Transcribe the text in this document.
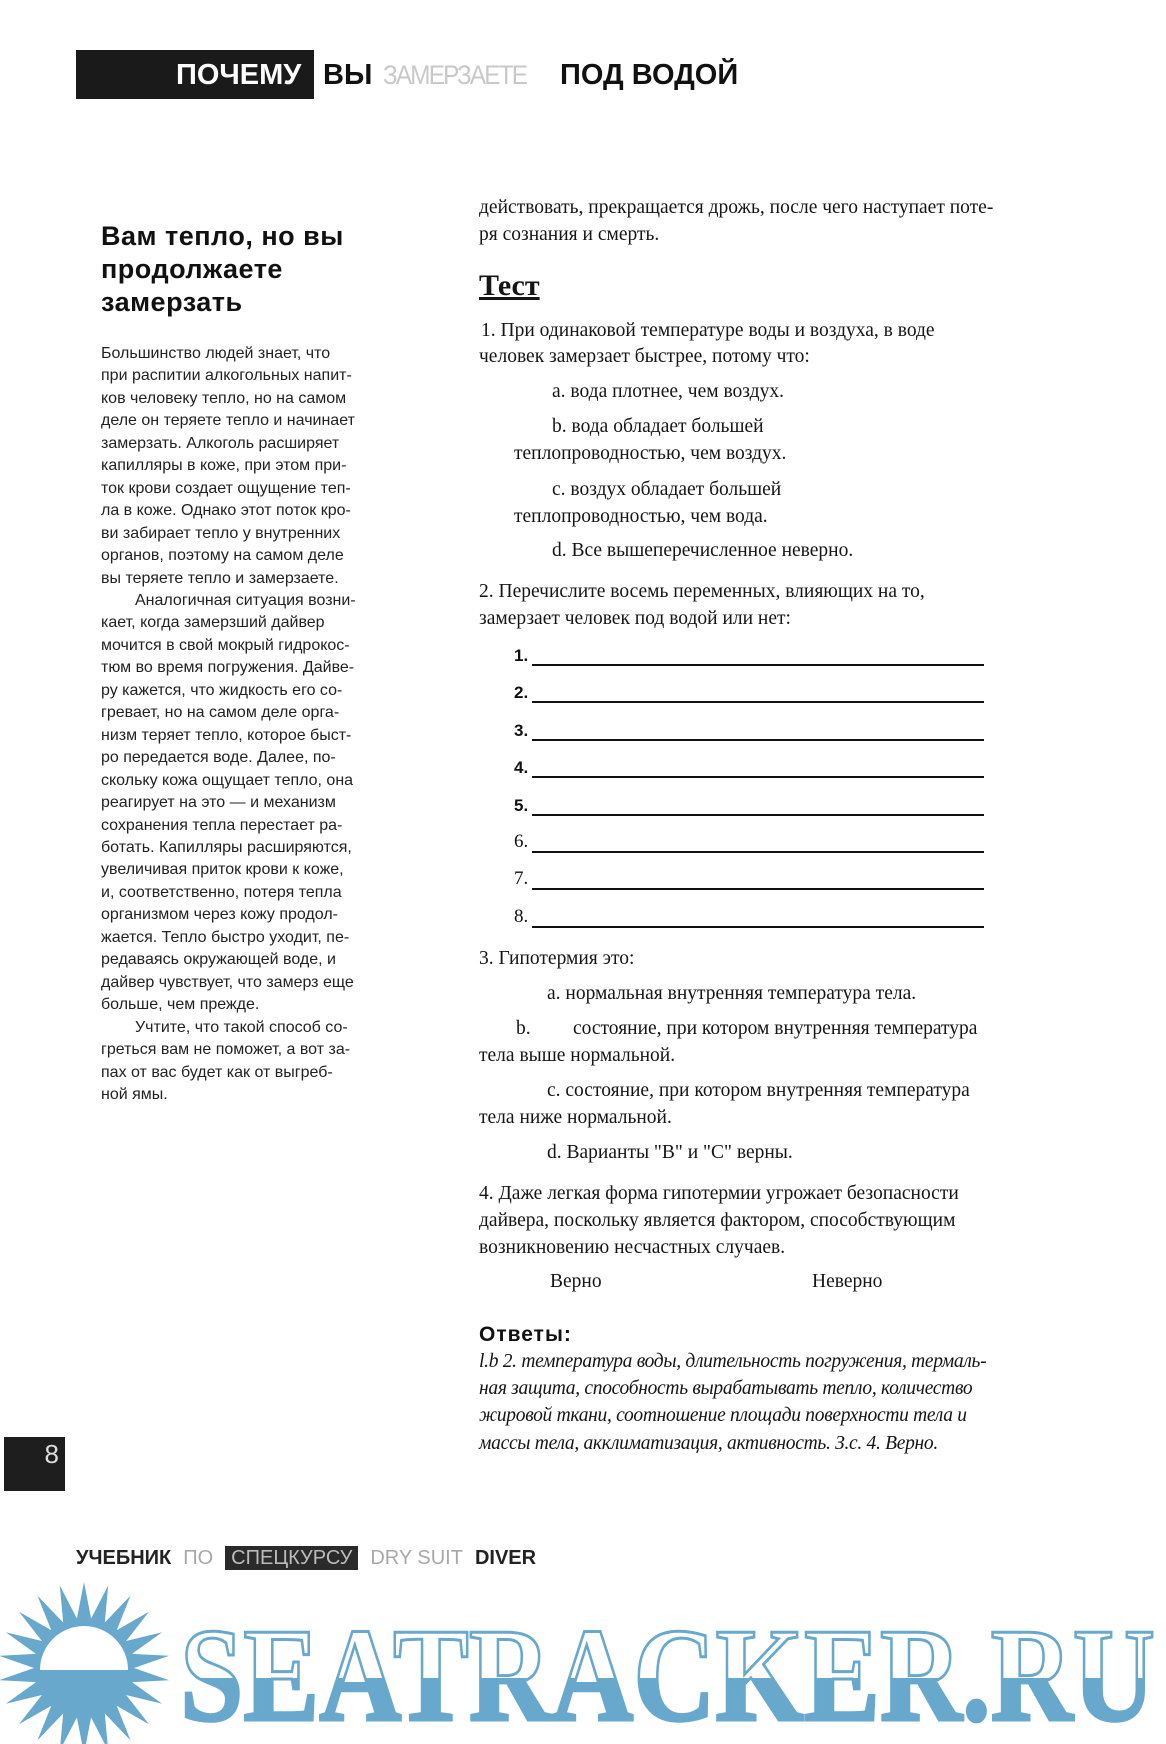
ПОЧЕМУ ВЫ ЗАМЕРЗАЕТЕ ПОД ВОДОЙ
Вам тепло, но вы
продолжаете
замерзать
Большинство людей знает, что
при распитии алкогольных напит-
ков человеку тепло, но на самом
деле он теряете тепло и начинает
замерзать. Алкоголь расширяет
капилляры в коже, при этом при-
ток крови создает ощущение теп-
ла в коже. Однако этот поток кро-
ви забирает тепло у внутренних
органов, поэтому на самом деле
вы теряете тепло и замерзаете.
Аналогичная ситуация возни-
кает, когда замерзший дайвер
мочится в свой мокрый гидрокос-
тюм во время погружения. Дайве-
ру кажется, что жидкость его со-
гревает, но на самом деле орга-
низм теряет тепло, которое быст-
ро передается воде. Далее, по-
скольку кожа ощущает тепло, она
реагирует на это — и механизм
сохранения тепла перестает ра-
ботать. Капилляры расширяются,
увеличивая приток крови к коже,
и, соответственно, потеря тепла
организмом через кожу продол-
жается. Тепло быстро уходит, пе-
редаваясь окружающей воде, и
дайвер чувствует, что замерз еще
больше, чем прежде.
Учтите, что такой способ со-
греться вам не поможет, а вот за-
пах от вас будет как от выгреб-
ной ямы.
действовать, прекращается дрожь, после чего наступает поте-
ря сознания и смерть.
Тест
1. При одинаковой температуре воды и воздуха, в воде
человек замерзает быстрее, потому что:
a. вода плотнее, чем воздух.
b. вода обладает большей
теплопроводностью, чем воздух.
c. воздух обладает большей
теплопроводностью, чем вода.
d. Все вышеперечисленное неверно.
2. Перечислите восемь переменных, влияющих на то,
замерзает человек под водой или нет:
1.
2.
3.
4.
5.
6.
7.
8.
3. Гипотермия это:
a. нормальная внутренняя температура тела.
b. состояние, при котором внутренняя температура
тела выше нормальной.
c. состояние, при котором внутренняя температура
тела ниже нормальной.
d. Варианты "В" и "С" верны.
4. Даже легкая форма гипотермии угрожает безопасности
дайвера, поскольку является фактором, способствующим
возникновению несчастных случаев.
Верно	Неверно
Ответы:
l.b 2. температура воды, длительность погружения, термаль-
ная защита, способность вырабатывать тепло, количество
жировой ткани, соотношение площади поверхности тела и
массы тела, акклиматизация, активность. З.с. 4. Верно.
8
УЧЕБНИК ПО СПЕЦКУРСУ DRY SUIT DIVER
SEATRACKER.RU
